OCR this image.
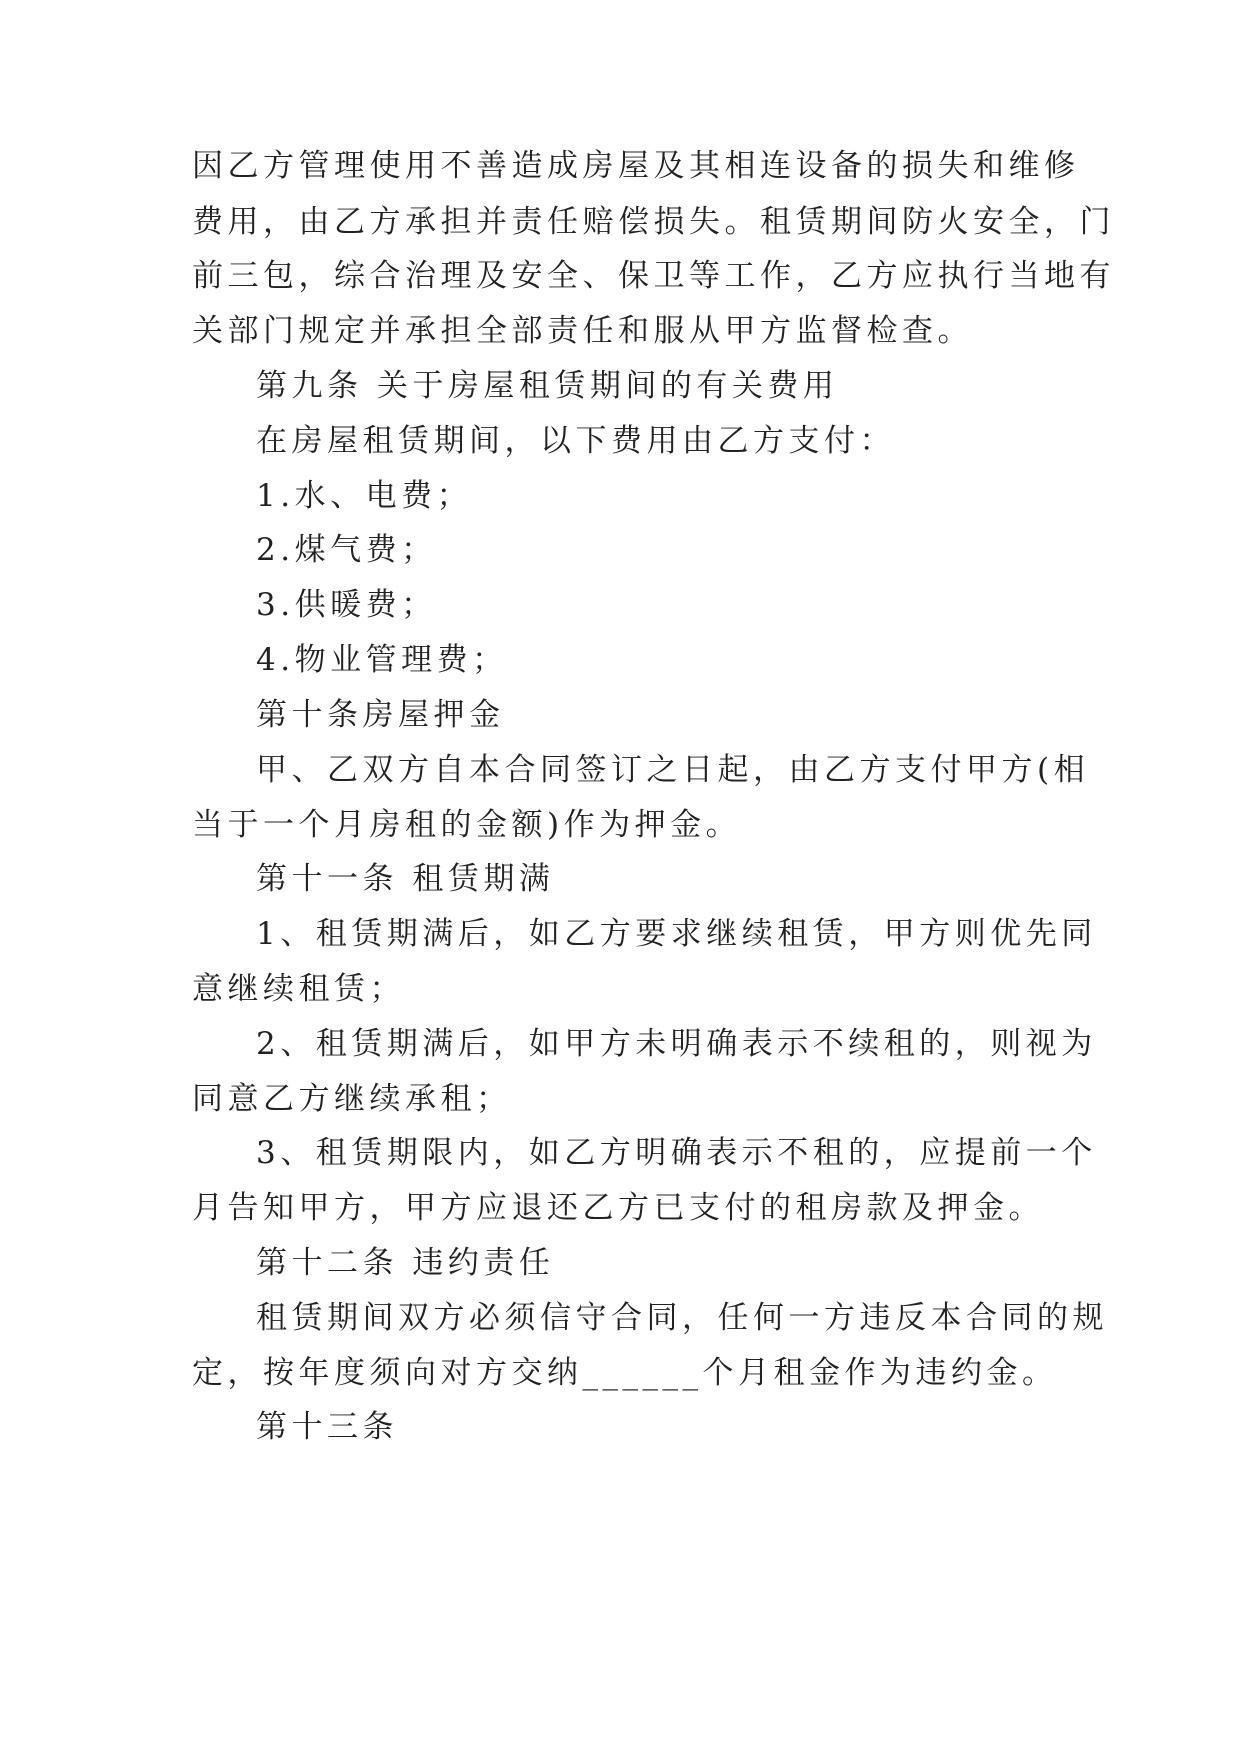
因乙方管理使用不善造成房屋及其相连设备的损失和维修
费用，由乙方承担并责任赔偿损失。租赁期间防火安全，门
前三包，综合治理及安全、保卫等工作，乙方应执行当地有
关部门规定并承担全部责任和服从甲方监督检查。
第九条 关于房屋租赁期间的有关费用
在房屋租赁期间，以下费用由乙方支付：
1.水、电费；
2.煤气费；
3.供暖费；
4.物业管理费；
第十条房屋押金
甲、乙双方自本合同签订之日起，由乙方支付甲方(相
当于一个月房租的金额)作为押金。
第十一条 租赁期满
1、租赁期满后，如乙方要求继续租赁，甲方则优先同
意继续租赁；
2、租赁期满后，如甲方未明确表示不续租的，则视为
同意乙方继续承租；
3、租赁期限内，如乙方明确表示不租的，应提前一个
月告知甲方，甲方应退还乙方已支付的租房款及押金。
第十二条 违约责任
租赁期间双方必须信守合同，任何一方违反本合同的规
定，按年度须向对方交纳______个月租金作为违约金。
第十三条
